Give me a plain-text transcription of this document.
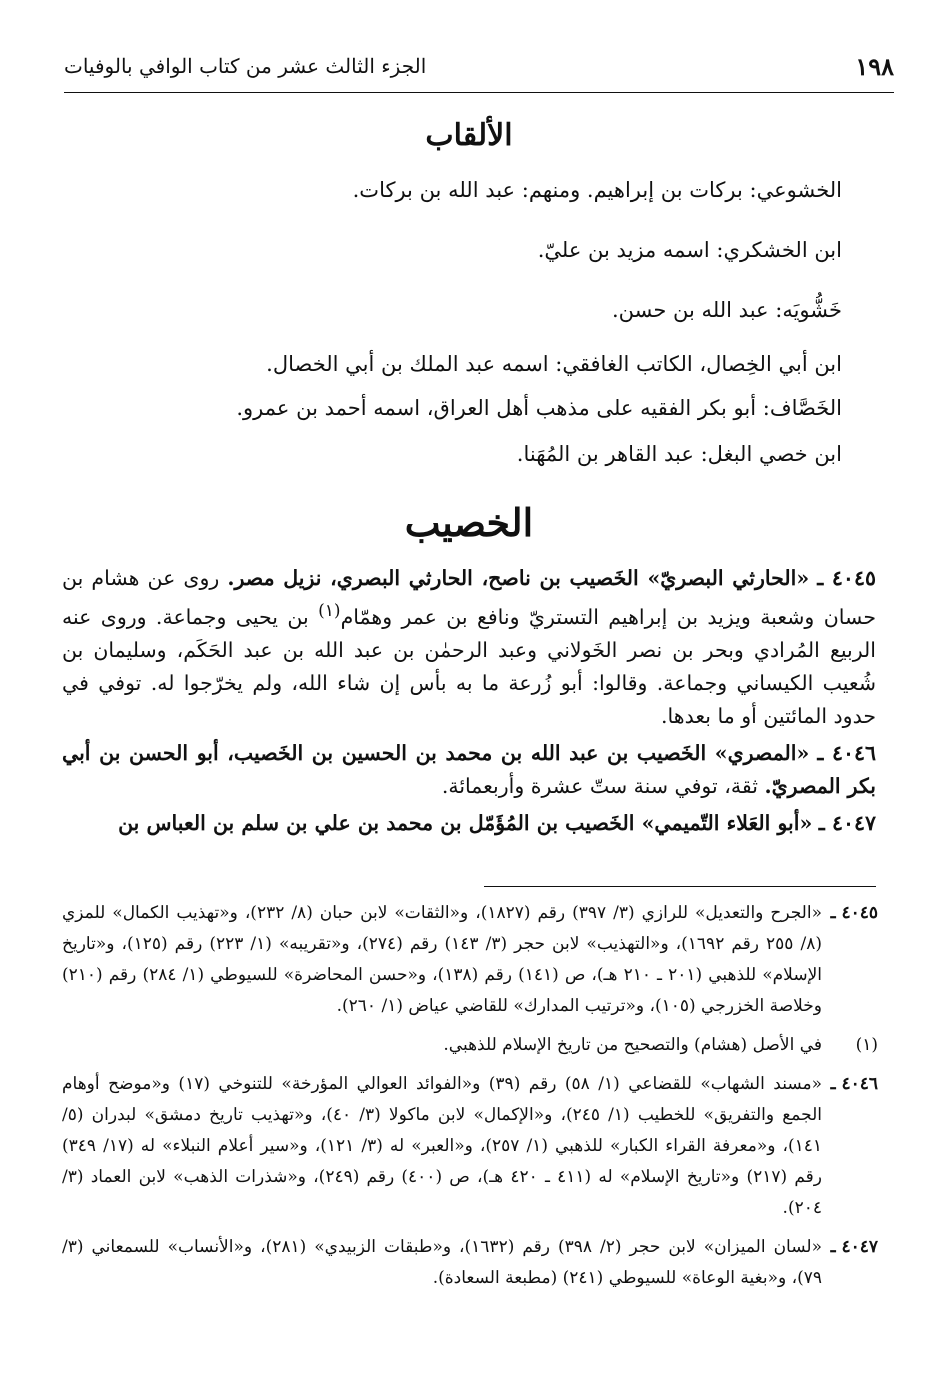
١٩٨
الجزء الثالث عشر من كتاب الوافي بالوفيات
الألقاب
الخشوعي: بركات بن إبراهيم. ومنهم: عبد الله بن بركات.
ابن الخشكري: اسمه مزيد بن عليّ.
خَشُّويَه: عبد الله بن حسن.
ابن أبي الخِصال، الكاتب الغافقي: اسمه عبد الملك بن أبي الخصال.
الخَصَّاف: أبو بكر الفقيه على مذهب أهل العراق، اسمه أحمد بن عمرو.
ابن خصي البغل: عبد القاهر بن المُهَنا.
الخصيب

٤٠٤٥ ـ «الحارثي البصريّ» الخَصيب بن ناصح، الحارثي البصري، نزيل مصر. روى عن هشام بن حسان وشعبة ويزيد بن إبراهيم التستريّ ونافع بن عمر وهمّام$^{(١)}$ بن يحيى وجماعة. وروى عنه الربيع المُرادي وبحر بن نصر الخَولاني وعبد الرحمٰن بن عبد الله بن عبد الحَكَم، وسليمان بن شُعيب الكيساني وجماعة. وقالوا: أبو زُرعة ما به بأس إن شاء الله، ولم يخرّجوا له. توفي في حدود المائتين أو ما بعدها.

٤٠٤٦ ـ «المصري» الخَصيب بن عبد الله بن محمد بن الحسين بن الخَصيب، أبو الحسن بن أبي بكر المصريّ. ثقة، توفي سنة ستّ عشرة وأربعمائة.

٤٠٤٧ ـ «أبو العَلاء التّميمي» الخَصيب بن المُؤَمّل بن محمد بن علي بن سلم بن العباس بن

٤٠٤٥ ـ
«الجرح والتعديل» للرازي (٣/ ٣٩٧) رقم (١٨٢٧)، و«الثقات» لابن حبان (٨/ ٢٣٢)، و«تهذيب الكمال» للمزي (٨/ ٢٥٥ رقم ١٦٩٢)، و«التهذيب» لابن حجر (٣/ ١٤٣) رقم (٢٧٤)، و«تقريبه» (١/ ٢٢٣) رقم (١٢٥)، و«تاريخ الإسلام» للذهبي (٢٠١ ـ ٢١٠ هـ)، ص (١٤١) رقم (١٣٨)، و«حسن المحاضرة» للسيوطي (١/ ٢٨٤) رقم (٢١٠) وخلاصة الخزرجي (١٠٥)، و«ترتيب المدارك» للقاضي عياض (١/ ٢٦٠).
(١)
في الأصل (هشام) والتصحيح من تاريخ الإسلام للذهبي.
٤٠٤٦ ـ
«مسند الشهاب» للقضاعي (١/ ٥٨) رقم (٣٩) و«الفوائد العوالي المؤرخة» للتنوخي (١٧) و«موضح أوهام الجمع والتفريق» للخطيب (١/ ٢٤٥)، و«الإكمال» لابن ماكولا (٣/ ٤٠)، و«تهذيب تاريخ دمشق» لبدران (٥/ ١٤١)، و«معرفة القراء الكبار» للذهبي (١/ ٢٥٧)، و«العبر» له (٣/ ١٢١)، و«سير أعلام النبلاء» له (١٧/ ٣٤٩) رقم (٢١٧) و«تاريخ الإسلام» له (٤١١ ـ ٤٢٠ هـ)، ص (٤٠٠) رقم (٢٤٩)، و«شذرات الذهب» لابن العماد (٣/ ٢٠٤).
٤٠٤٧ ـ
«لسان الميزان» لابن حجر (٢/ ٣٩٨) رقم (١٦٣٢)، و«طبقات الزبيدي» (٢٨١)، و«الأنساب» للسمعاني (٣/ ٧٩)، و«بغية الوعاة» للسيوطي (٢٤١) (مطبعة السعادة).
